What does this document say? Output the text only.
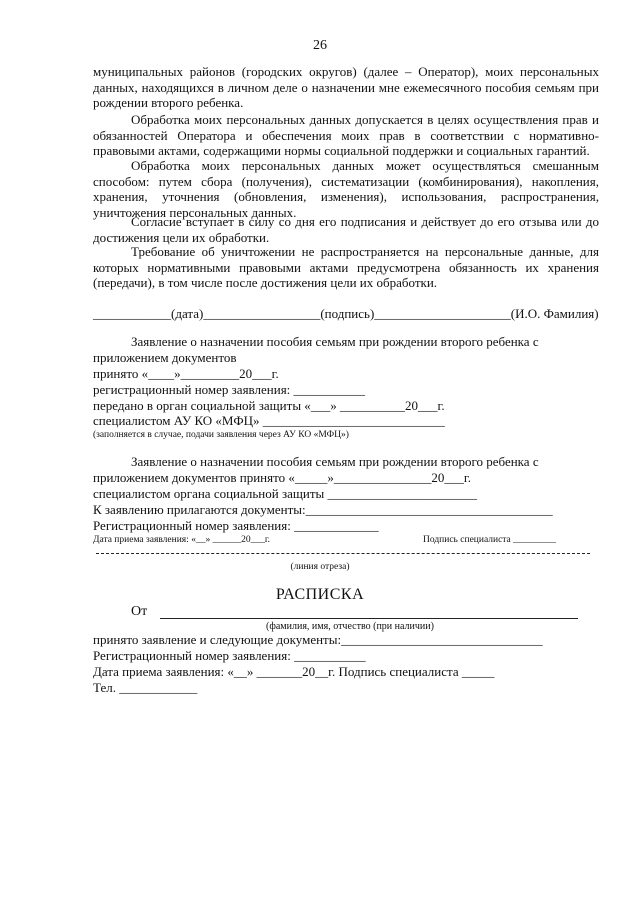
26

муниципальных районов (городских округов) (далее – Оператор), моих персональных данных, находящихся в личном деле о назначении мне ежемесячного пособия семьям при рождении второго ребенка.

Обработка моих персональных данных допускается в целях осуществления прав и обязанностей Оператора и обеспечения моих прав в соответствии с нормативно-правовыми актами, содержащими нормы социальной поддержки и социальных гарантий.

Обработка моих персональных данных может осуществляться смешанным способом: путем сбора (получения), систематизации (комбинирования), накопления, хранения, уточнения (обновления, изменения), использования, распространения, уничтожения персональных данных.

Согласие вступает в силу со дня его подписания и действует до его отзыва или до достижения цели их обработки.

Требование об уничтожении не распространяется на персональные данные, для которых нормативными правовыми актами предусмотрена обязанность их хранения (передачи), в том числе после достижения цели их обработки.

____________(дата)__________________(подпись)_____________________(И.О. Фамилия)
Заявление о назначении пособия семьям при рождении второго ребенка с
приложением документов
принято «____»_________20___г.
регистрационный номер заявления: ___________
передано в орган социальной защиты «___» __________20___г.
специалистом АУ КО «МФЦ» ____________________________
(заполняется в случае, подачи заявления через АУ КО «МФЦ»)
Заявление о назначении пособия семьям при рождении второго ребенка с
приложением документов принято «_____»_______________20___г.
специалистом органа социальной защиты _______________________
К заявлению прилагаются документы:______________________________________
Регистрационный номер заявления: _____________
Дата приема заявления: «__» ______20___г.	Подпись специалиста _________
(линия отреза)
РАСПИСКА
От
(фамилия, имя, отчество (при наличии)
принято заявление и следующие документы:_______________________________
Регистрационный номер заявления: ___________
Дата приема заявления: «__» _______20__г. Подпись специалиста _____
Тел. ____________
